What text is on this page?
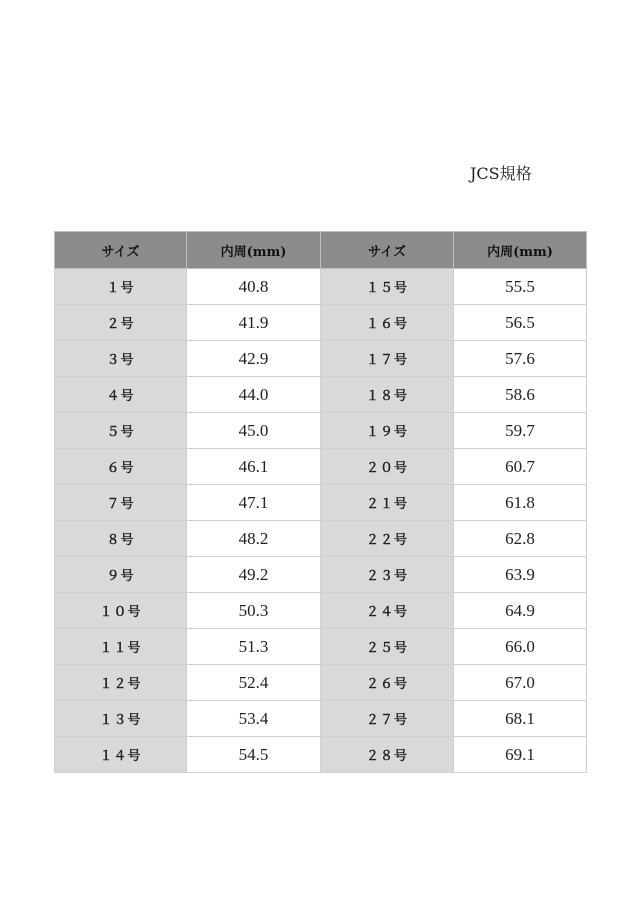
JCS規格
サイズ	内周(mm)	サイズ	内周(mm)
１号	40.8	１５号	55.5
２号	41.9	１６号	56.5
３号	42.9	１７号	57.6
４号	44.0	１８号	58.6
５号	45.0	１９号	59.7
６号	46.1	２０号	60.7
７号	47.1	２１号	61.8
８号	48.2	２２号	62.8
９号	49.2	２３号	63.9
１０号	50.3	２４号	64.9
１１号	51.3	２５号	66.0
１２号	52.4	２６号	67.0
１３号	53.4	２７号	68.1
１４号	54.5	２８号	69.1
